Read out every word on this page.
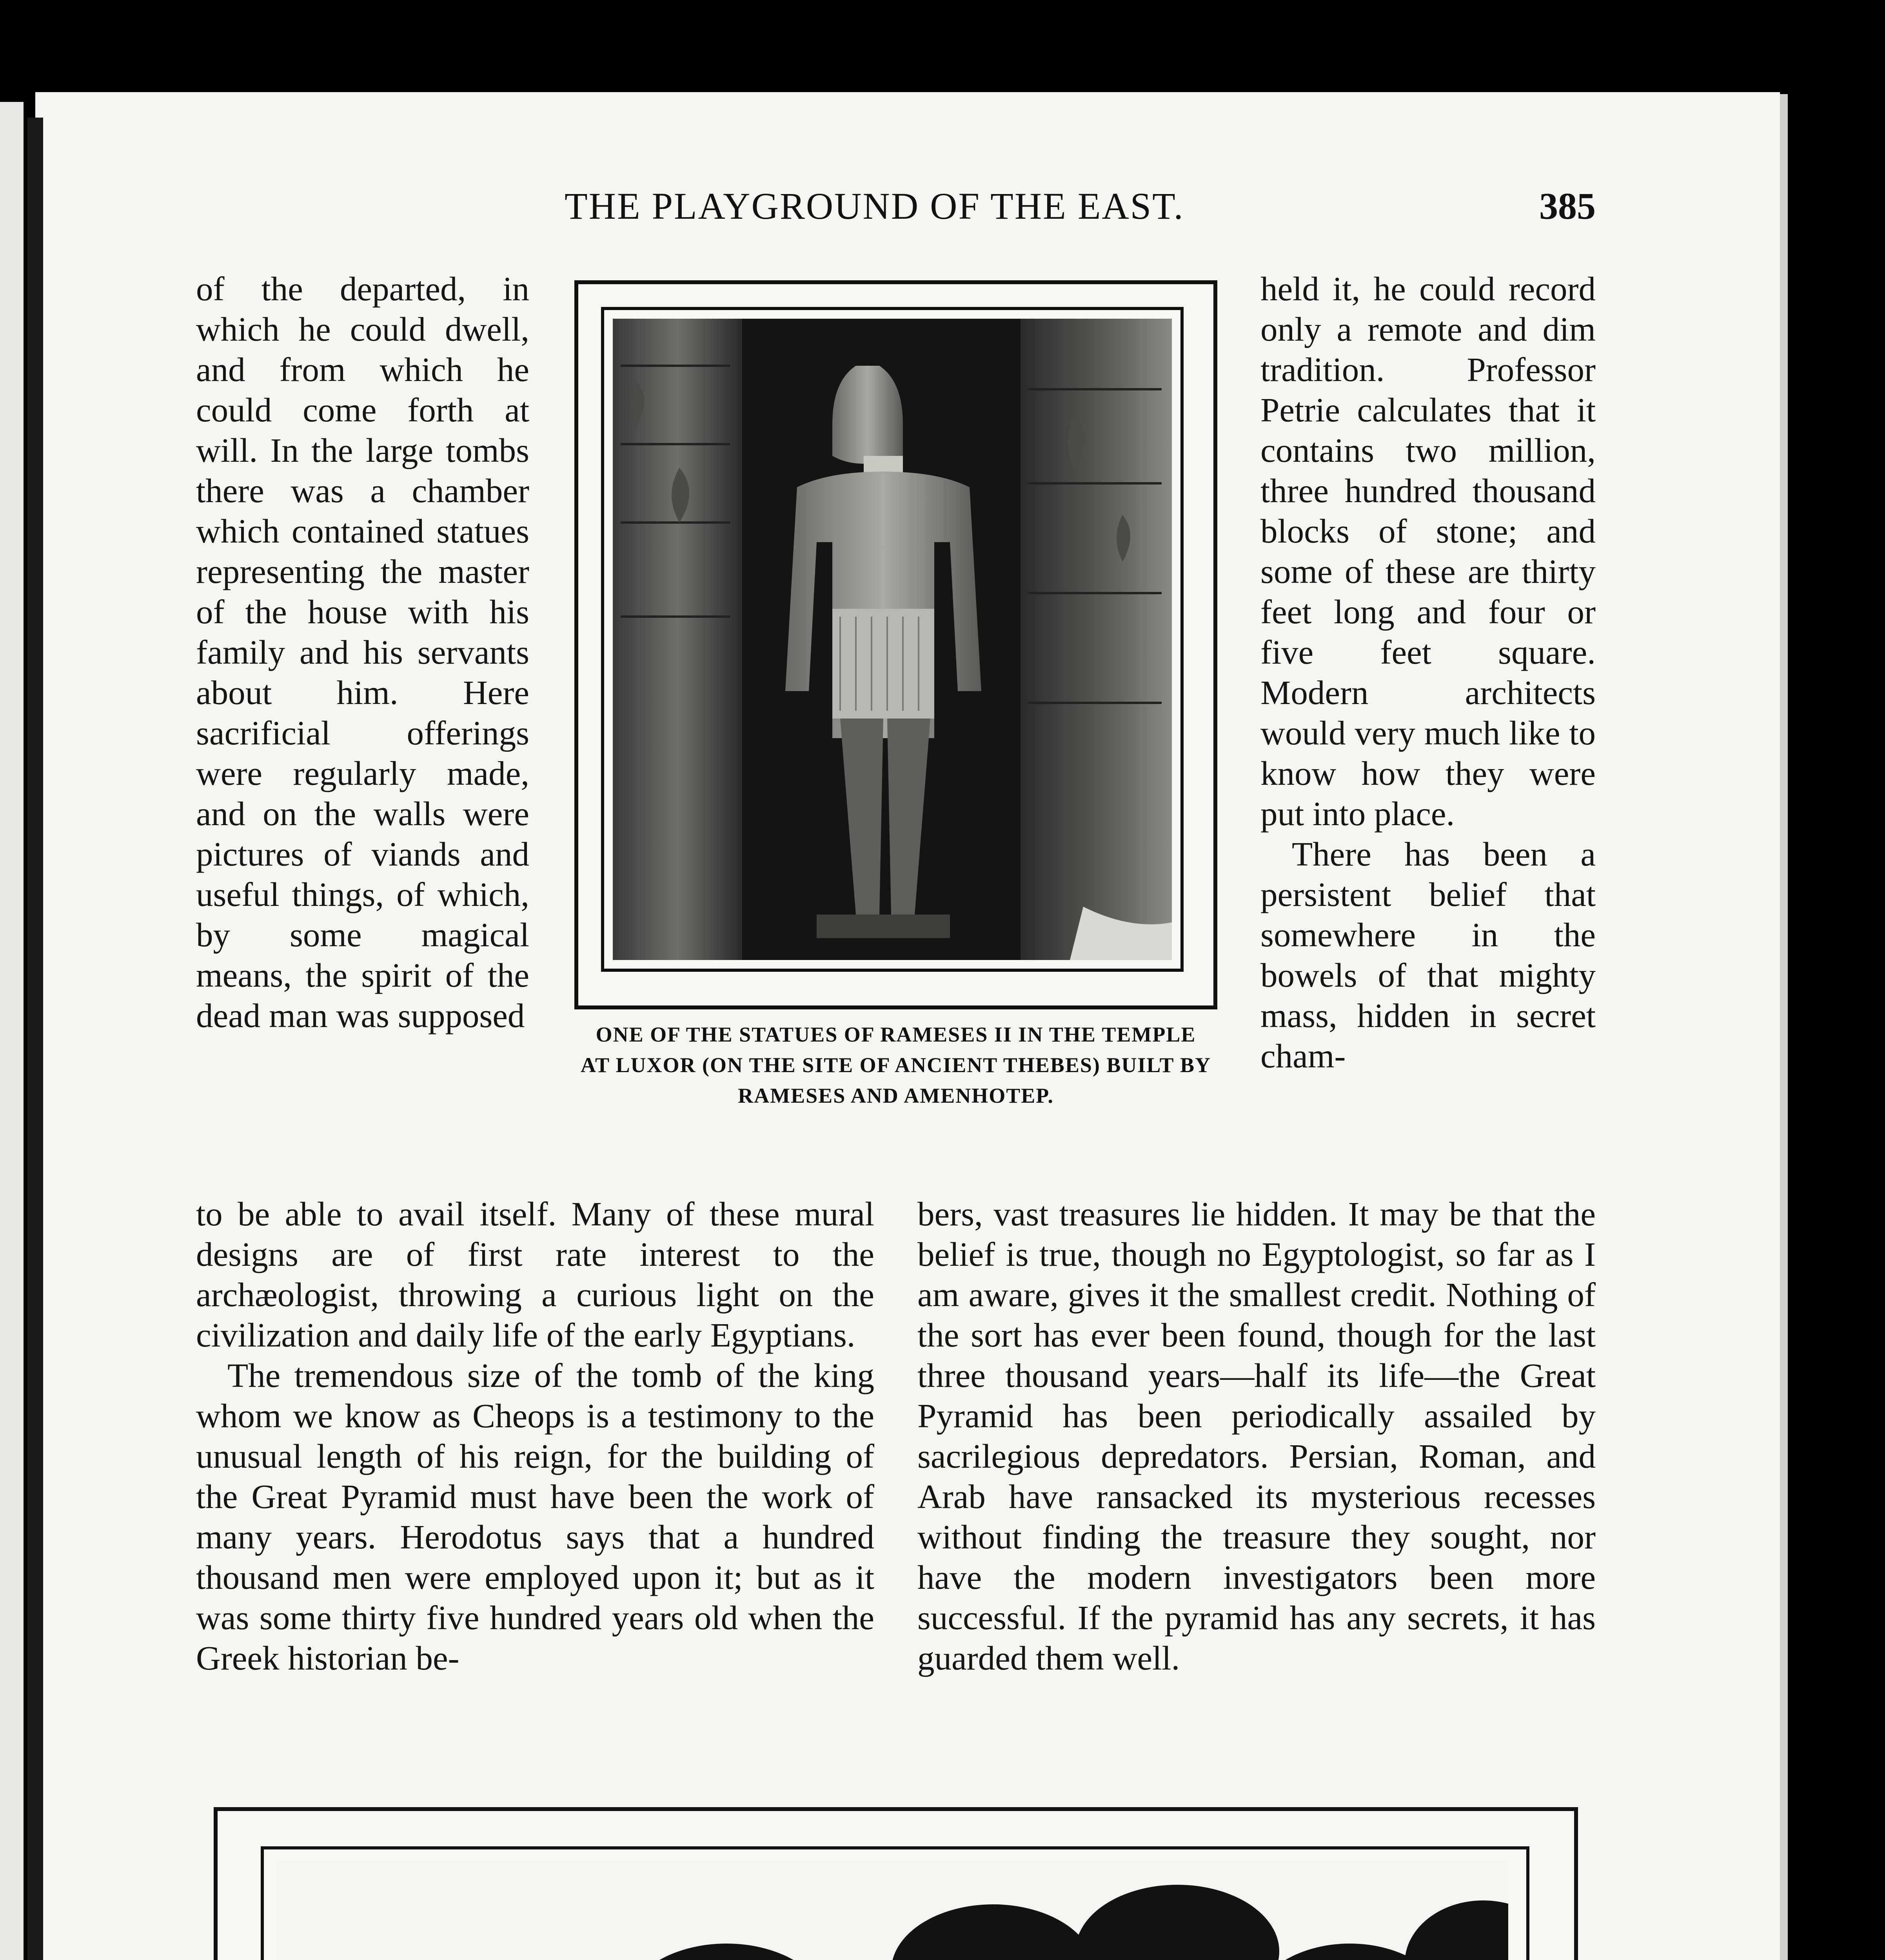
THE PLAYGROUND OF THE EAST.	385

of the departed, in which he could dwell, and from which he could come forth at will. In the large tombs there was a chamber which contained statues representing the master of the house with his family and his servants about him. Here sacrificial offerings were regularly made, and on the walls were pictures of viands and useful things, of which, by some magical means, the spirit of the dead man was supposed	ONE OF THE STATUES OF RAMESES II IN THE TEMPLE AT LUXOR (ON THE SITE OF ANCIENT THEBES) BUILT BY RAMESES AND AMENHOTEP.

held it, he could record only a remote and dim tradition. Professor Petrie calculates that it contains two million, three hundred thousand blocks of stone; and some of these are thirty feet long and four or five feet square. Modern architects would very much like to know how they were put into place.

There has been a persistent belief that somewhere in the bowels of that mighty mass, hidden in secret cham-

to be able to avail itself. Many of these mural designs are of first rate interest to the archæologist, throwing a curious light on the civilization and daily life of the early Egyptians.

The tremendous size of the tomb of the king whom we know as Cheops is a testimony to the unusual length of his reign, for the building of the Great Pyramid must have been the work of many years. Herodotus says that a hundred thousand men were employed upon it; but as it was some thirty five hundred years old when the Greek historian be-

bers, vast treasures lie hidden. It may be that the belief is true, though no Egyptologist, so far as I am aware, gives it the smallest credit. Nothing of the sort has ever been found, though for the last three thousand years—half its life—the Great Pyramid has been periodically assailed by sacrilegious depredators. Persian, Roman, and Arab have ransacked its mysterious recesses without finding the treasure they sought, nor have the modern investigators been more successful. If the pyramid has any secrets, it has guarded them well.
